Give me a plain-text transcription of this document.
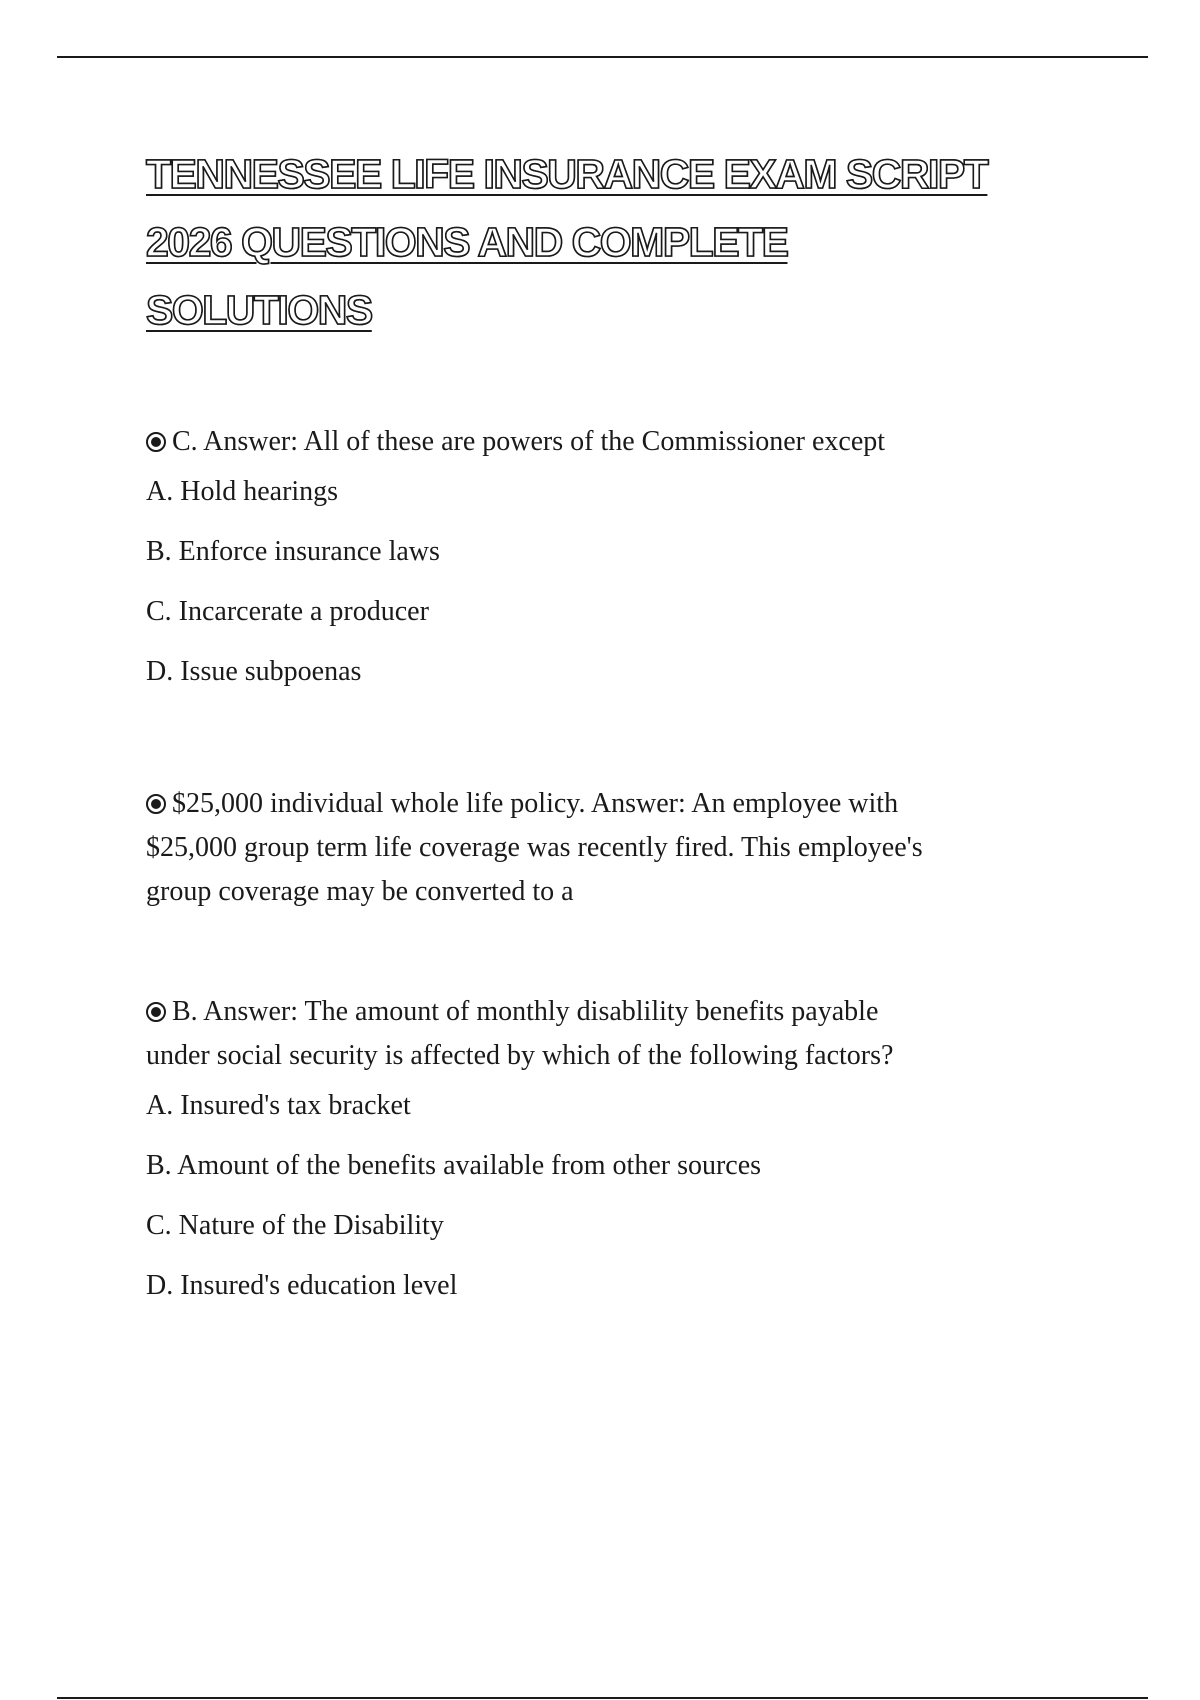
TENNESSEE LIFE INSURANCE EXAM SCRIPT
2026 QUESTIONS AND COMPLETE
SOLUTIONS

C. Answer: All of these are powers of the Commissioner except

A. Hold hearings

B. Enforce insurance laws

C. Incarcerate a producer

D. Issue subpoenas

$25,000 individual whole life policy. Answer: An employee with

$25,000 group term life coverage was recently fired. This employee's

group coverage may be converted to a

B. Answer: The amount of monthly disablility benefits payable

under social security is affected by which of the following factors?

A. Insured's tax bracket

B. Amount of the benefits available from other sources

C. Nature of the Disability

D. Insured's education level
